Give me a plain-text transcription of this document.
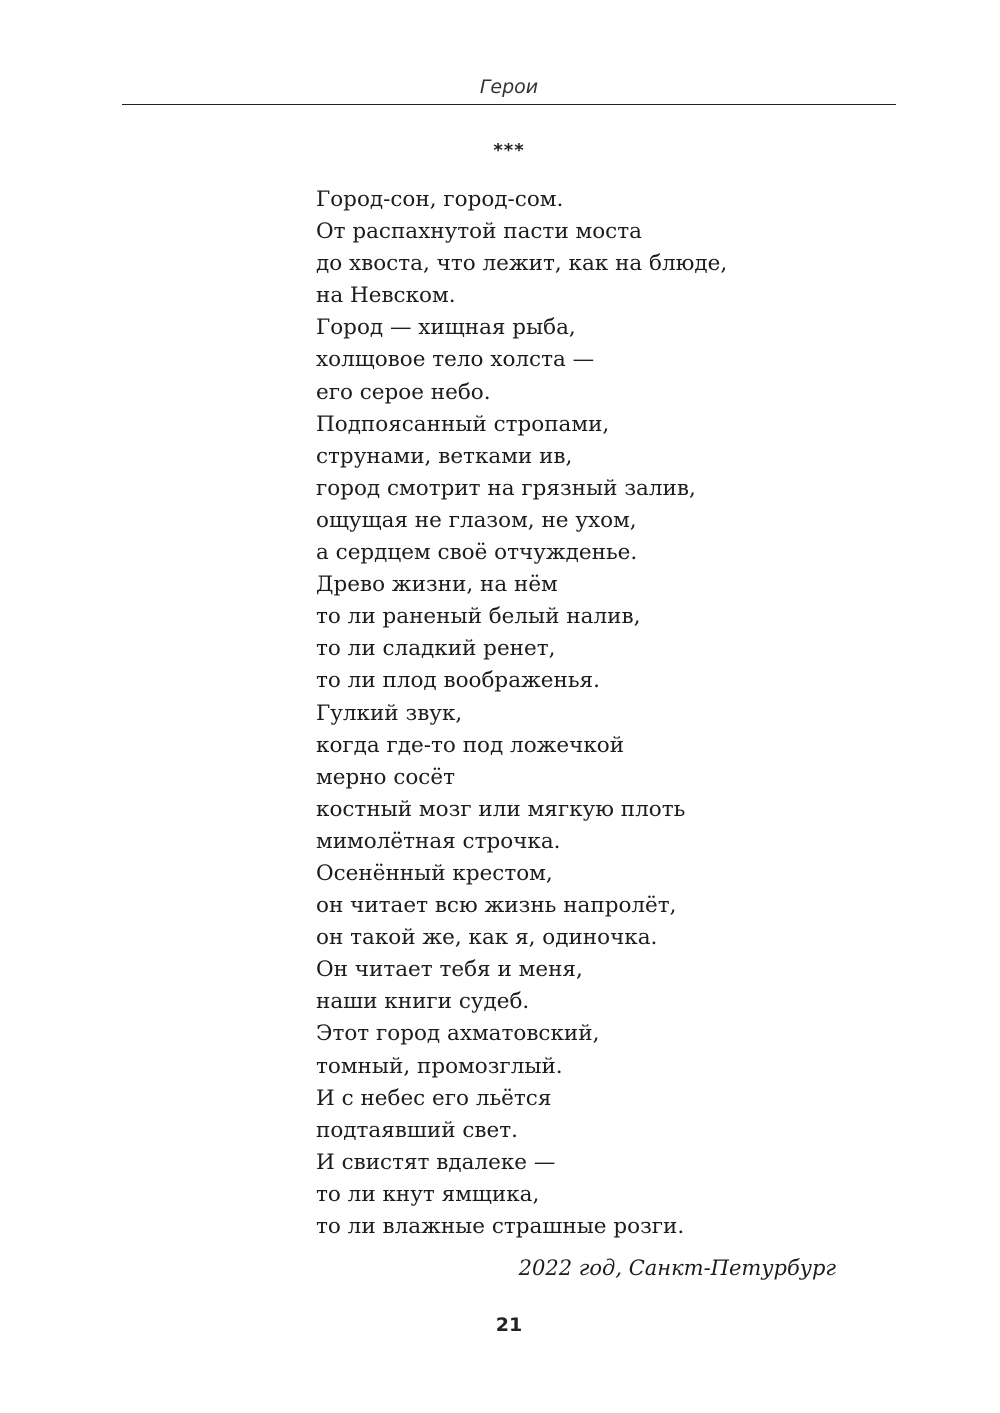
Герои
***
Город-сон, город-сом.
От распахнутой пасти моста
до хвоста, что лежит, как на блюде,
на Невском.
Город — хищная рыба,
холщовое тело холста —
его серое небо.
Подпоясанный стропами,
струнами, ветками ив,
город смотрит на грязный залив,
ощущая не глазом, не ухом,
а сердцем своё отчужденье.
Древо жизни, на нём
то ли раненый белый налив,
то ли сладкий ренет,
то ли плод воображенья.
Гулкий звук,
когда где-то под ложечкой
мерно сосёт
костный мозг или мягкую плоть
мимолётная строчка.
Осенённый крестом,
он читает всю жизнь напролёт,
он такой же, как я, одиночка.
Он читает тебя и меня,
наши книги судеб.
Этот город ахматовский,
томный, промозглый.
И с небес его льётся
подтаявший свет.
И свистят вдалеке —
то ли кнут ямщика,
то ли влажные страшные розги.
2022 год, Санкт-Петурбург
21
